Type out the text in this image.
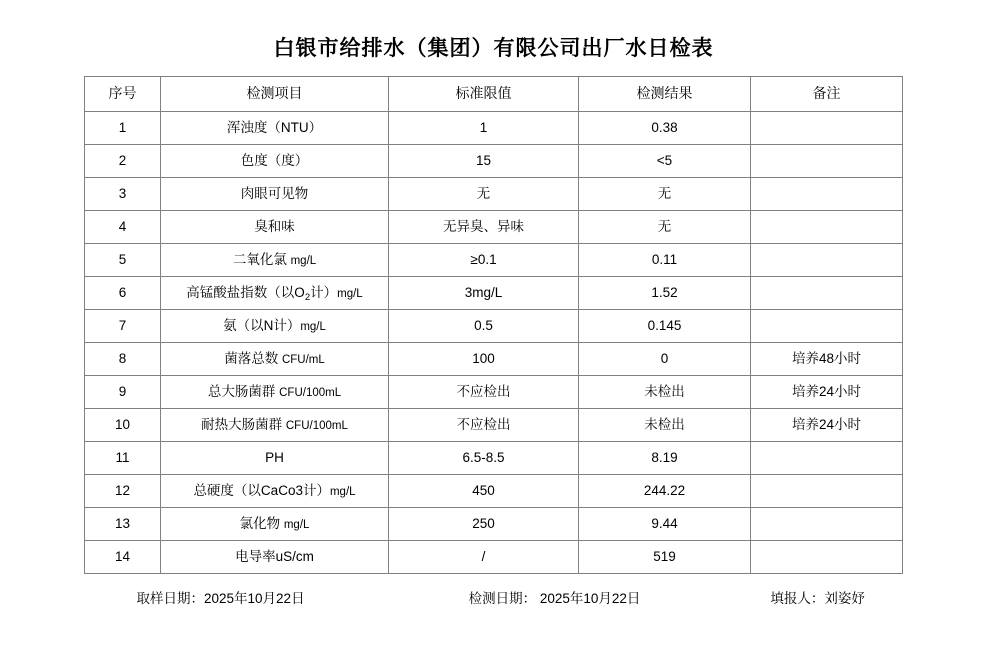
白银市给排水（集团）有限公司出厂水日检表
序号	检测项目	标准限值	检测结果	备注
1	浑浊度（NTU）	1	0.38	
2	色度（度）	15	<5	
3	肉眼可见物	无	无	
4	臭和味	无异臭、异味	无	
5	二氧化氯 mg/L	≥0.1	0.11	
6	高锰酸盐指数（以$O_2$计）mg/L	3mg/L	1.52	
7	氨（以N计）mg/L	0.5	0.145	
8	菌落总数 CFU/mL	100	0	培养48小时
9	总大肠菌群 CFU/100mL	不应检出	未检出	培养24小时
10	耐热大肠菌群 CFU/100mL	不应检出	未检出	培养24小时
11	PH	6.5-8.5	8.19	
12	总硬度（以CaCo3计）mg/L	450	244.22	
13	氯化物 mg/L	250	9.44	
14	电导率uS/cm	/	519	
取样日期：2025年10月22日	检测日期： 2025年10月22日	填报人：刘姿妤
